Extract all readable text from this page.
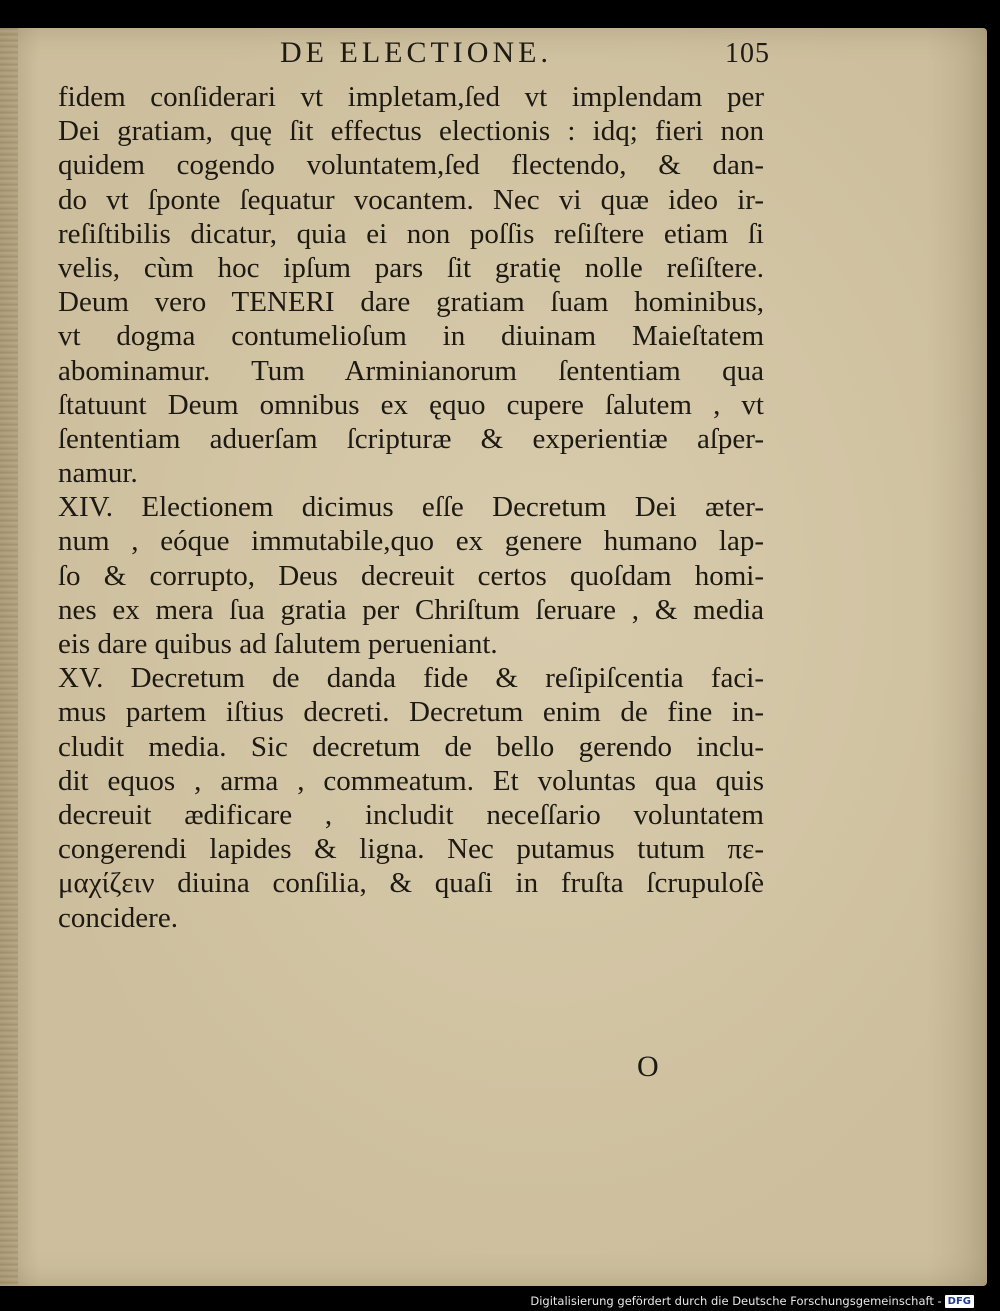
DE ELECTIONE.	105
fidem conſiderari vt impletam,ſed vt implendam per
Dei gratiam, quę ſit effectus electionis : idq; fieri non
quidem cogendo voluntatem,ſed flectendo, & dan-
do vt ſponte ſequatur vocantem. Nec vi quæ ideo ir-
reſiſtibilis dicatur, quia ei non poſſis reſiſtere etiam ſi
velis, cùm hoc ipſum pars ſit gratię nolle reſiſtere.
Deum vero TENERI dare gratiam ſuam hominibus,
vt dogma contumelioſum in diuinam Maieſtatem
abominamur. Tum Arminianorum ſententiam qua
ſtatuunt Deum omnibus ex ęquo cupere ſalutem , vt
ſententiam aduerſam ſcripturæ & experientiæ aſper-
namur.
XIV. Electionem dicimus eſſe Decretum Dei æter-
num , eóque immutabile,quo ex genere humano lap-
ſo & corrupto, Deus decreuit certos quoſdam homi-
nes ex mera ſua gratia per Chriſtum ſeruare , & media
eis dare quibus ad ſalutem perueniant.
XV. Decretum de danda fide & reſipiſcentia faci-
mus partem iſtius decreti. Decretum enim de fine in-
cludit media. Sic decretum de bello gerendo inclu-
dit equos , arma , commeatum. Et voluntas qua quis
decreuit ædificare , includit neceſſario voluntatem
congerendi lapides & ligna. Nec putamus tutum πε-
μαχίζειν diuina conſilia, & quaſi in fruſta ſcrupuloſè
concidere.
O
Digitalisierung gefördert durch die Deutsche Forschungsgemeinschaft - DFG
